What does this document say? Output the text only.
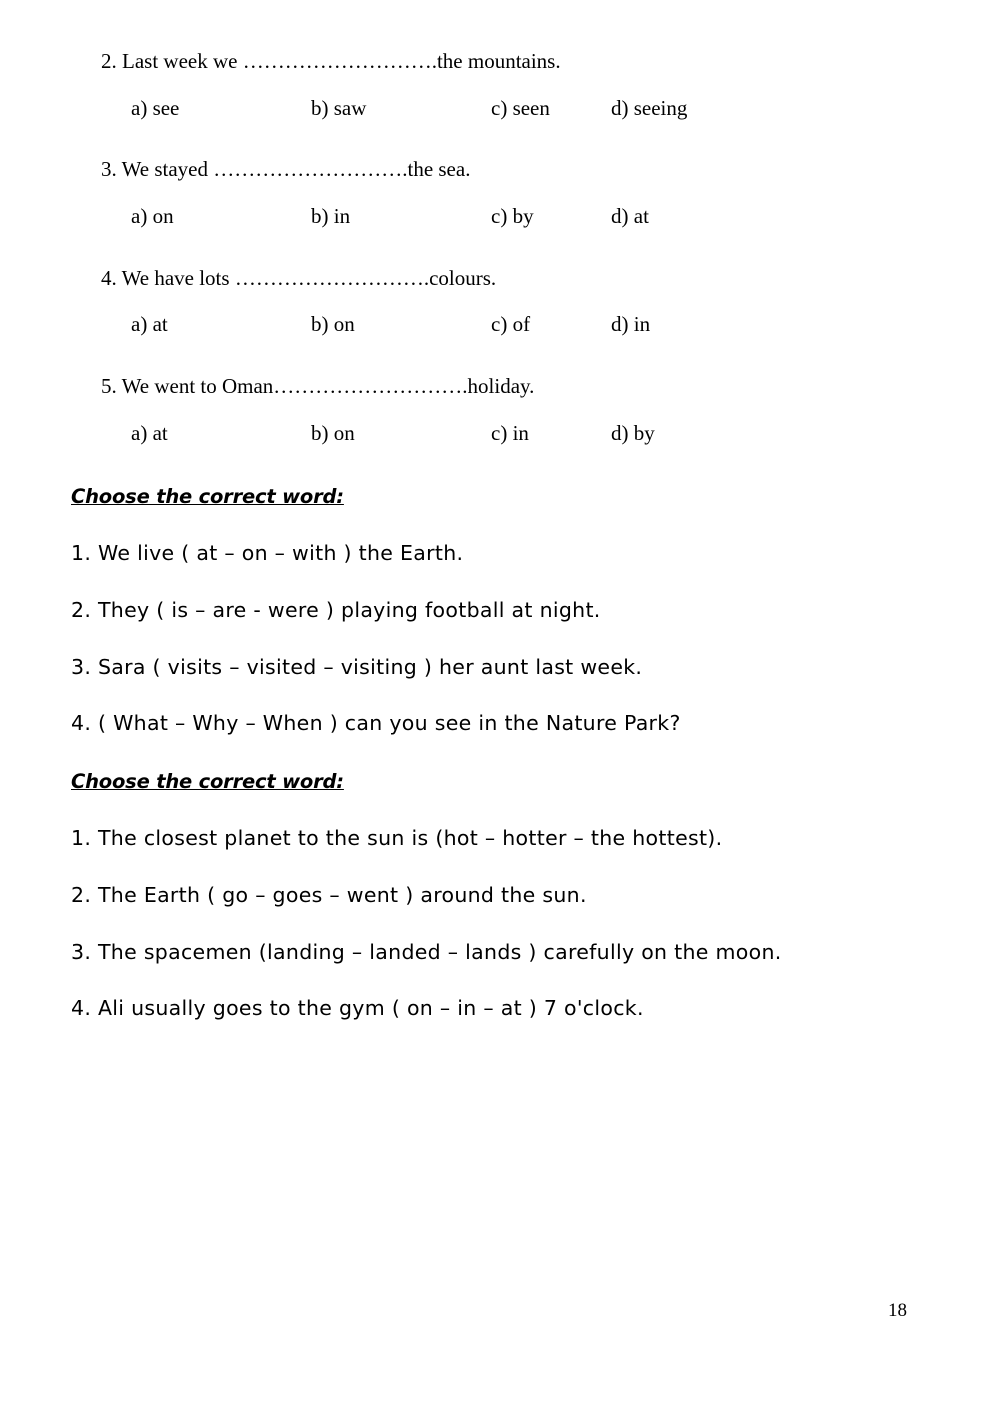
2. Last week we ……………………….the mountains.
a) see	b) saw	c) seen	d) seeing
3. We stayed ……………………….the sea.
a) on	b) in	c) by	d) at
4. We have lots ……………………….colours.
a) at	b) on	c) of	d) in
5. We went to Oman……………………….holiday.
a) at	b) on	c) in	d) by
Choose the correct word:
1. We live ( at – on – with ) the Earth.
2. They ( is – are - were ) playing football at night.
3. Sara ( visits – visited – visiting ) her aunt last week.
4. ( What – Why – When ) can you see in the Nature Park?
Choose the correct word:
1. The closest planet to the sun is (hot – hotter – the hottest).
2. The Earth ( go – goes – went ) around the sun.
3. The spacemen (landing – landed – lands ) carefully on the moon.
4. Ali usually goes to the gym ( on – in – at ) 7 o'clock.
18
